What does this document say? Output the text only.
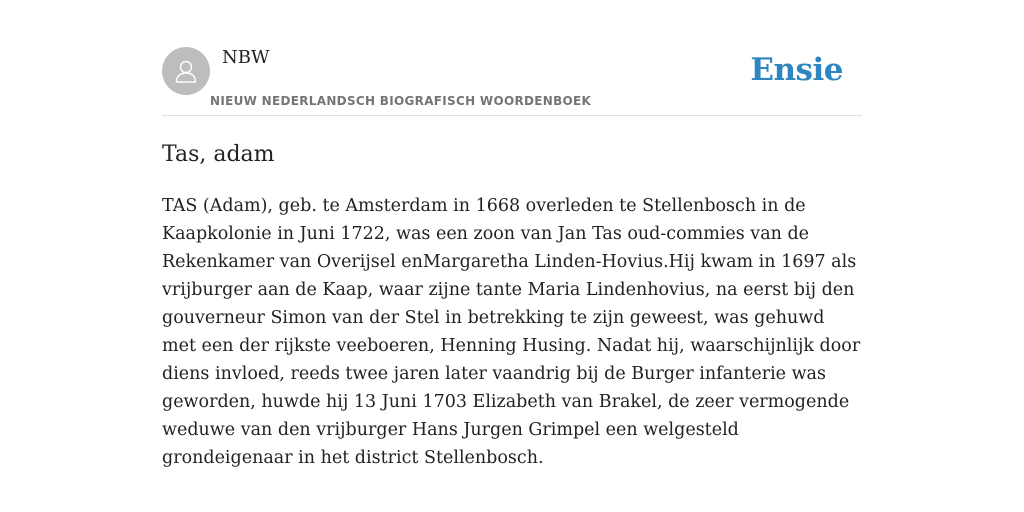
NBW
NIEUW NEDERLANDSCH BIOGRAFISCH WOORDENBOEK
Ensie
Tas, adam

TAS (Adam), geb. te Amsterdam in 1668 overleden te Stellenbosch in de Kaapkolonie in Juni 1722, was een zoon van Jan Tas oud-commies van de Rekenkamer van Overijsel enMargaretha Linden-Hovius.Hij kwam in 1697 als vrijburger aan de Kaap, waar zijne tante Maria Lindenhovius, na eerst bij den gouverneur Simon van der Stel in betrekking te zijn geweest, was gehuwd met een der rijkste veeboeren, Henning Husing. Nadat hij, waarschijnlijk door diens invloed, reeds twee jaren later vaandrig bij de Burger infanterie was geworden, huwde hij 13 Juni 1703 Elizabeth van Brakel, de zeer vermogende weduwe van den vrijburger Hans Jurgen Grimpel een welgesteld grondeigenaar in het district Stellenbosch.
